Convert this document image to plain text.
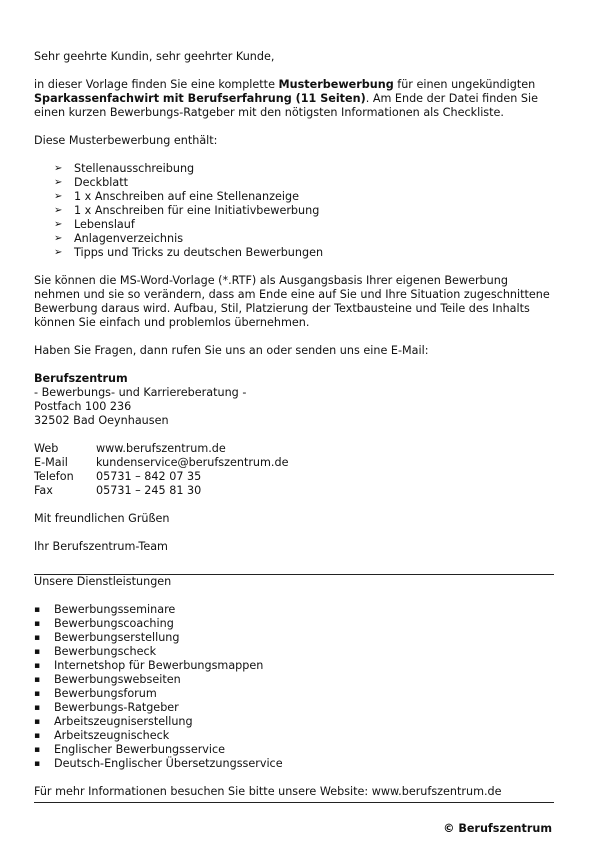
Sehr geehrte Kundin, sehr geehrter Kunde,

in dieser Vorlage finden Sie eine komplette Musterbewerbung für einen ungekündigten Sparkassenfachwirt mit Berufserfahrung (11 Seiten). Am Ende der Datei finden Sie einen kurzen Bewerbungs-Ratgeber mit den nötigsten Informationen als Checkliste.

Diese Musterbewerbung enthält:

➢ Stellenausschreibung
➢ Deckblatt
➢ 1 x Anschreiben auf eine Stellenanzeige
➢ 1 x Anschreiben für eine Initiativbewerbung
➢ Lebenslauf
➢ Anlagenverzeichnis
➢ Tipps und Tricks zu deutschen Bewerbungen

Sie können die MS-Word-Vorlage (*.RTF) als Ausgangsbasis Ihrer eigenen Bewerbung nehmen und sie so verändern, dass am Ende eine auf Sie und Ihre Situation zugeschnittene Bewerbung daraus wird. Aufbau, Stil, Platzierung der Textbausteine und Teile des Inhalts können Sie einfach und problemlos übernehmen.

Haben Sie Fragen, dann rufen Sie uns an oder senden uns eine E-Mail:

Berufszentrum

- Bewerbungs- und Karriereberatung -

Postfach 100 236

32502 Bad Oeynhausen

Web	www.berufszentrum.de
E-Mail	kundenservice@berufszentrum.de
Telefon	05731 – 842 07 35
Fax	05731 – 245 81 30

Mit freundlichen Grüßen

Ihr Berufszentrum-Team

Unsere Dienstleistungen

▪ Bewerbungsseminare
▪ Bewerbungscoaching
▪ Bewerbungserstellung
▪ Bewerbungscheck
▪ Internetshop für Bewerbungsmappen
▪ Bewerbungswebseiten
▪ Bewerbungsforum
▪ Bewerbungs-Ratgeber
▪ Arbeitszeugniserstellung
▪ Arbeitszeugnischeck
▪ Englischer Bewerbungsservice
▪ Deutsch-Englischer Übersetzungsservice

Für mehr Informationen besuchen Sie bitte unsere Website: www.berufszentrum.de

© Berufszentrum
